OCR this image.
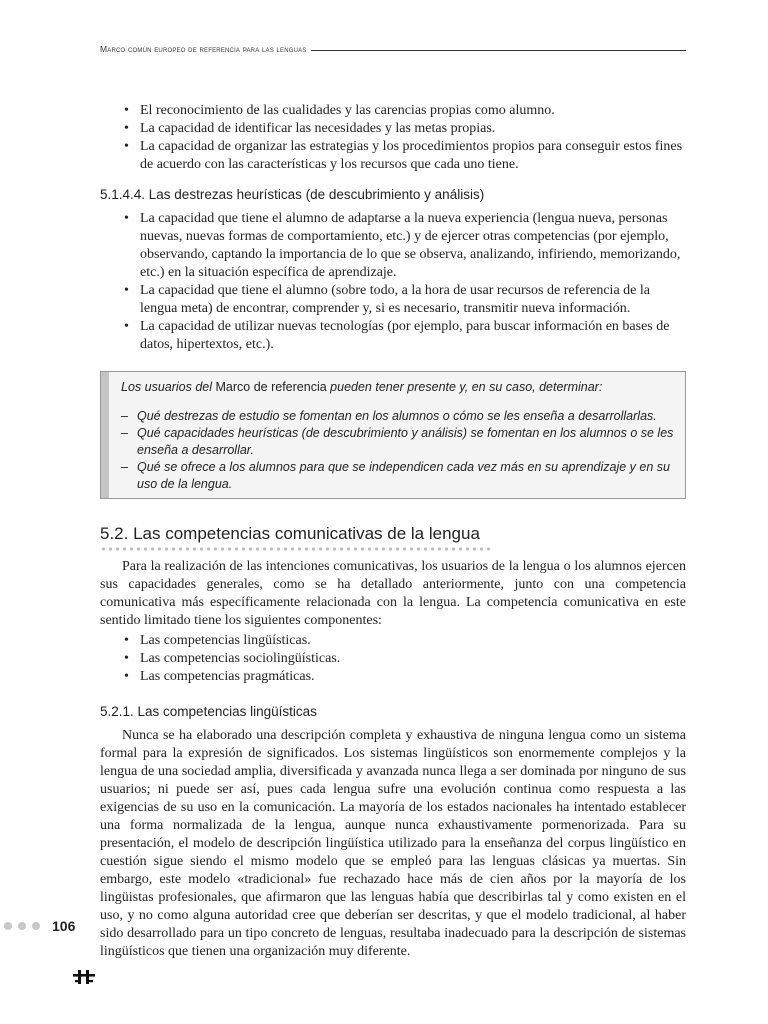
Marco común europeo de referencia para las lenguas
• El reconocimiento de las cualidades y las carencias propias como alumno.
• La capacidad de identificar las necesidades y las metas propias.
• La capacidad de organizar las estrategias y los procedimientos propios para conseguir estos fines de acuerdo con las características y los recursos que cada uno tiene.
5.1.4.4. Las destrezas heurísticas (de descubrimiento y análisis)
• La capacidad que tiene el alumno de adaptarse a la nueva experiencia (lengua nueva, personas nuevas, nuevas formas de comportamiento, etc.) y de ejercer otras competencias (por ejemplo, observando, captando la importancia de lo que se observa, analizando, infiriendo, memorizando, etc.) en la situación específica de aprendizaje.
• La capacidad que tiene el alumno (sobre todo, a la hora de usar recursos de referencia de la lengua meta) de encontrar, comprender y, si es necesario, transmitir nueva información.
• La capacidad de utilizar nuevas tecnologías (por ejemplo, para buscar información en bases de datos, hipertextos, etc.).
Los usuarios del Marco de referencia pueden tener presente y, en su caso, determinar:
– Qué destrezas de estudio se fomentan en los alumnos o cómo se les enseña a desarrollarlas.
– Qué capacidades heurísticas (de descubrimiento y análisis) se fomentan en los alumnos o se les enseña a desarrollar.
– Qué se ofrece a los alumnos para que se independicen cada vez más en su aprendizaje y en su uso de la lengua.
5.2. Las competencias comunicativas de la lengua

Para la realización de las intenciones comunicativas, los usuarios de la lengua o los alumnos ejercen sus capacidades generales, como se ha detallado anteriormente, junto con una competencia comunicativa más específicamente relacionada con la lengua. La competencia comunicativa en este sentido limitado tiene los siguientes componentes:

• Las competencias lingüísticas.
• Las competencias sociolingüísticas.
• Las competencias pragmáticas.
5.2.1. Las competencias lingüísticas

Nunca se ha elaborado una descripción completa y exhaustiva de ninguna lengua como un sistema formal para la expresión de significados. Los sistemas lingüísticos son enormemente complejos y la lengua de una sociedad amplia, diversificada y avanzada nunca llega a ser dominada por ninguno de sus usuarios; ni puede ser así, pues cada lengua sufre una evolución continua como respuesta a las exigencias de su uso en la comunicación. La mayoría de los estados nacionales ha intentado establecer una forma normalizada de la lengua, aunque nunca exhaustivamente pormenorizada. Para su presentación, el modelo de descripción lingüística utilizado para la enseñanza del corpus lingüístico en cuestión sigue siendo el mismo modelo que se empleó para las lenguas clásicas ya muertas. Sin embargo, este modelo «tradicional» fue rechazado hace más de cien años por la mayoría de los lingüistas profesionales, que afirmaron que las lenguas había que describirlas tal y como existen en el uso, y no como alguna autoridad cree que deberían ser descritas, y que el modelo tradicional, al haber sido desarrollado para un tipo concreto de lenguas, resultaba inadecuado para la descripción de sistemas lingüísticos que tienen una organización muy diferente.

106
